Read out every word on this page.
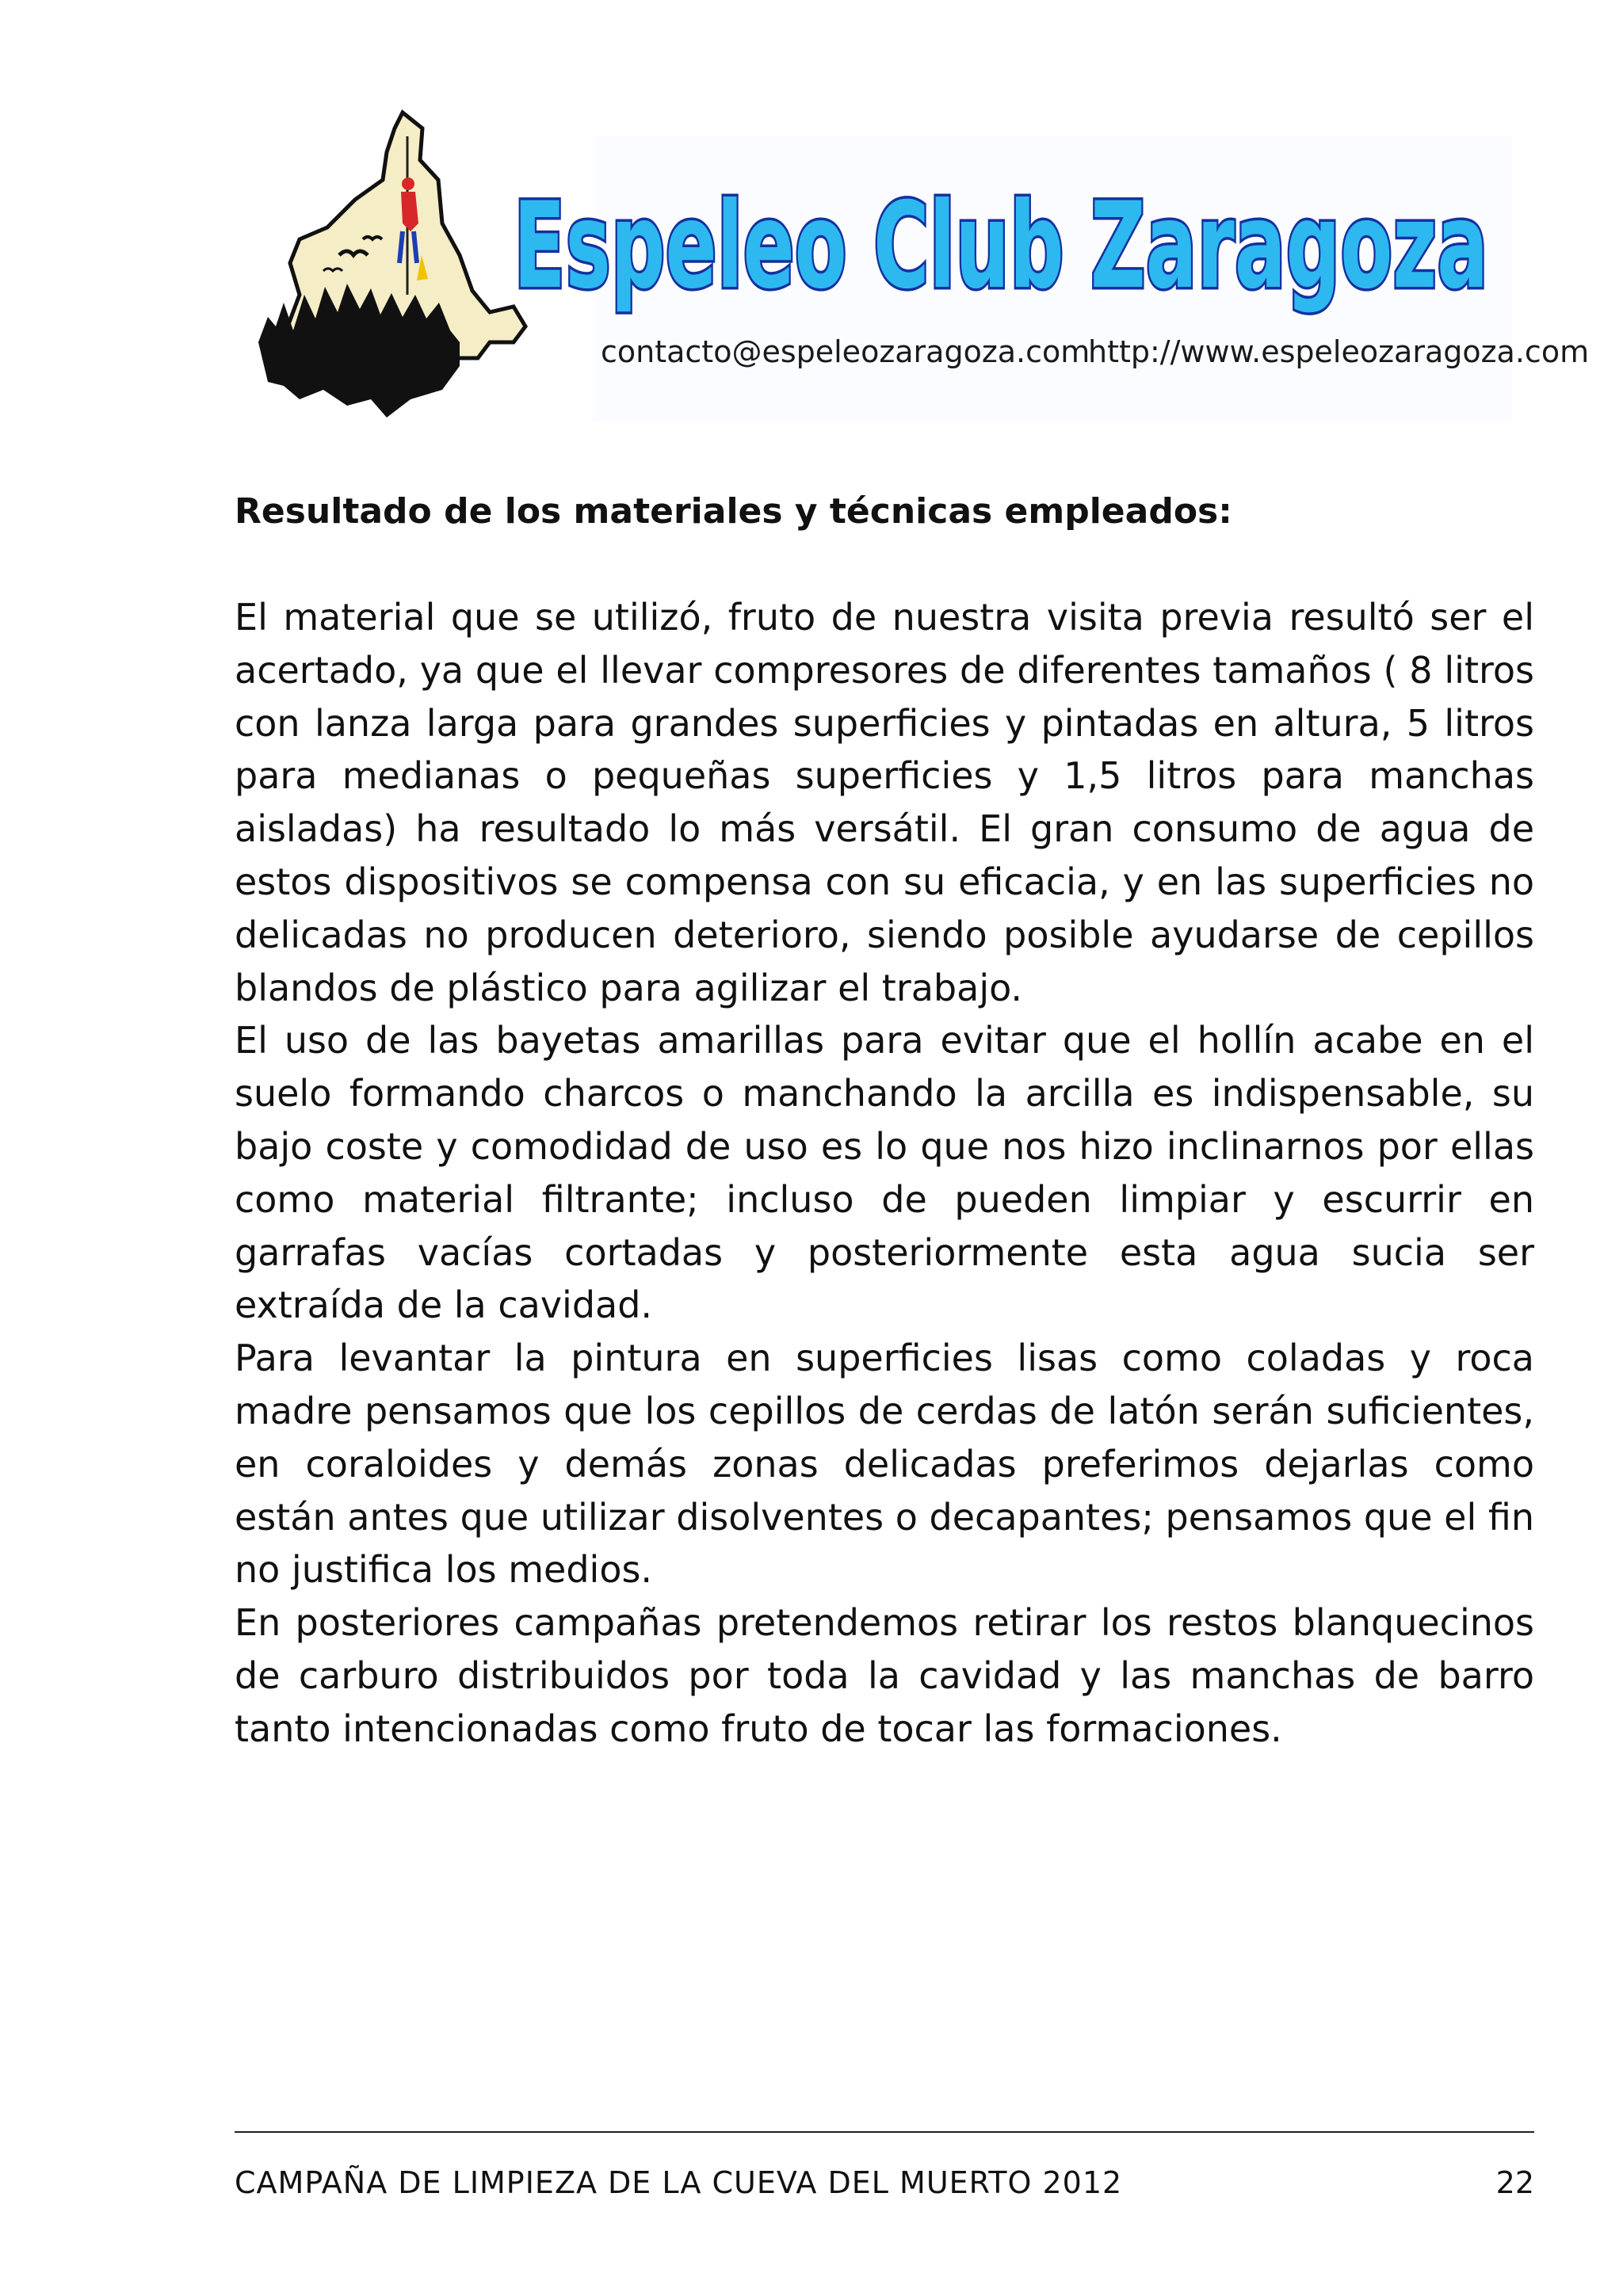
Espeleo Club Zaragoza
contacto@espeleozaragoza.com
http://www.espeleozaragoza.com
Resultado de los materiales y técnicas empleados:

El material que se utilizó, fruto de nuestra visita previa resultó ser el acertado, ya que el llevar compresores de diferentes tamaños ( 8 litros con lanza larga para grandes superficies y pintadas en altura, 5 litros para medianas o pequeñas superficies y 1,5 litros para manchas aisladas) ha resultado lo más versátil. El gran consumo de agua de estos dispositivos se compensa con su eficacia, y en las superficies no delicadas no producen deterioro, siendo posible ayudarse de cepillos blandos de plástico para agilizar el trabajo.

El uso de las bayetas amarillas para evitar que el hollín acabe en el suelo formando charcos o manchando la arcilla es indispensable, su bajo coste y comodidad de uso es lo que nos hizo inclinarnos por ellas como material filtrante; incluso de pueden limpiar y escurrir en garrafas vacías cortadas y posteriormente esta agua sucia ser extraída de la cavidad.

Para levantar la pintura en superficies lisas como coladas y roca madre pensamos que los cepillos de cerdas de latón serán suficientes, en coraloides y demás zonas delicadas preferimos dejarlas como están antes que utilizar disolventes o decapantes; pensamos que el fin no justifica los medios.

En posteriores campañas pretendemos retirar los restos blanquecinos de carburo distribuidos por toda la cavidad y las manchas de barro tanto intencionadas como fruto de tocar las formaciones.

CAMPAÑA DE LIMPIEZA DE LA CUEVA DEL MUERTO 2012	22
